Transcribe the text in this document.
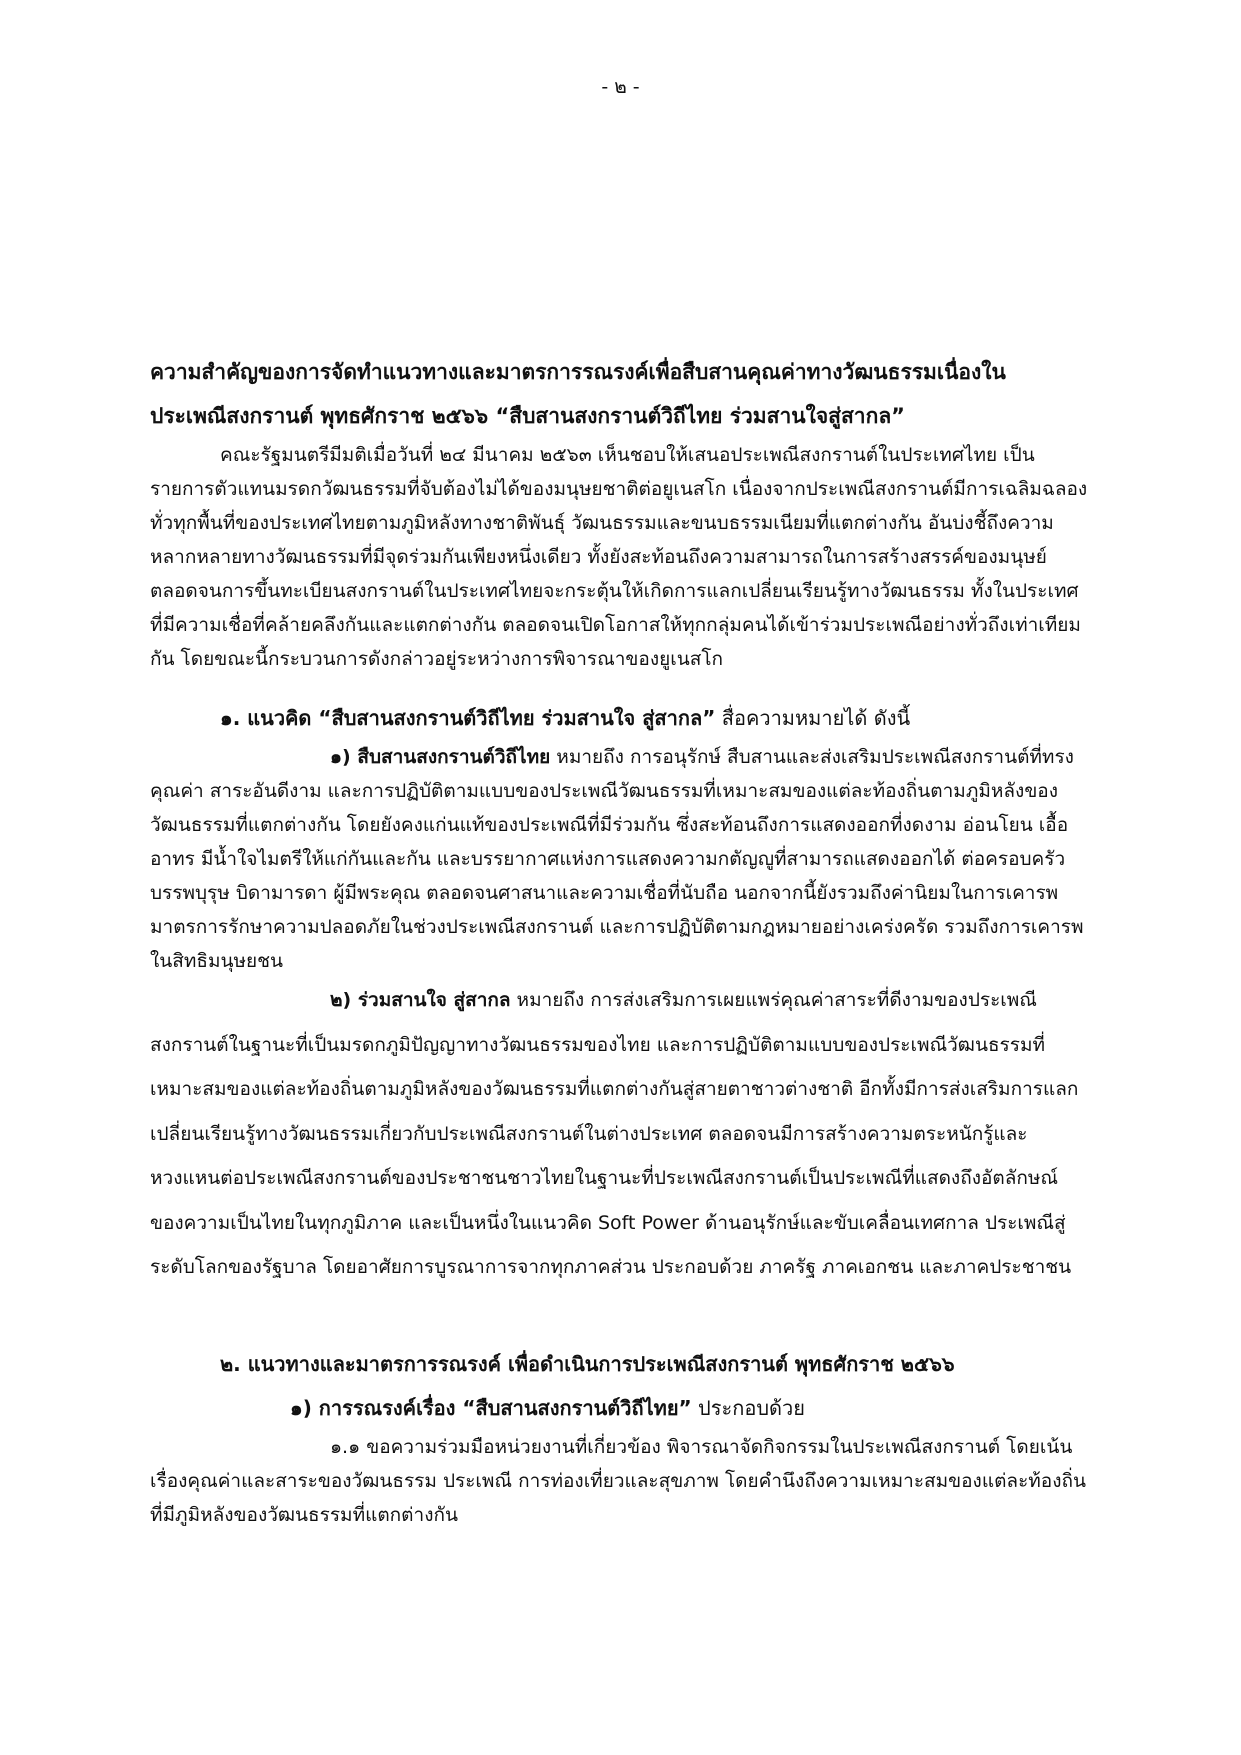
- ๒ -

ความสำคัญของการจัดทำแนวทางและมาตรการรณรงค์เพื่อสืบสานคุณค่าทางวัฒนธรรมเนื่องใน

ประเพณีสงกรานต์ พุทธศักราช ๒๕๖๖ “สืบสานสงกรานต์วิถีไทย ร่วมสานใจสู่สากล”

คณะรัฐมนตรีมีมติเมื่อวันที่ ๒๔ มีนาคม ๒๕๖๓ เห็นชอบให้เสนอประเพณีสงกรานต์ในประเทศไทย เป็นรายการตัวแทนมรดกวัฒนธรรมที่จับต้องไม่ได้ของมนุษยชาติต่อยูเนสโก เนื่องจากประเพณีสงกรานต์มีการเฉลิมฉลองทั่วทุกพื้นที่ของประเทศไทยตามภูมิหลังทางชาติพันธุ์ วัฒนธรรมและขนบธรรมเนียมที่แตกต่างกัน อันบ่งชี้ถึงความหลากหลายทางวัฒนธรรมที่มีจุดร่วมกันเพียงหนึ่งเดียว ทั้งยังสะท้อนถึงความสามารถในการสร้างสรรค์ของมนุษย์ ตลอดจนการขึ้นทะเบียนสงกรานต์ในประเทศไทยจะกระตุ้นให้เกิดการแลกเปลี่ยนเรียนรู้ทางวัฒนธรรม ทั้งในประเทศที่มีความเชื่อที่คล้ายคลึงกันและแตกต่างกัน ตลอดจนเปิดโอกาสให้ทุกกลุ่มคนได้เข้าร่วมประเพณีอย่างทั่วถึงเท่าเทียมกัน โดยขณะนี้กระบวนการดังกล่าวอยู่ระหว่างการพิจารณาของยูเนสโก

๑. แนวคิด “สืบสานสงกรานต์วิถีไทย ร่วมสานใจ สู่สากล” สื่อความหมายได้ ดังนี้

๑) สืบสานสงกรานต์วิถีไทย หมายถึง การอนุรักษ์ สืบสานและส่งเสริมประเพณีสงกรานต์ที่ทรงคุณค่า สาระอันดีงาม และการปฏิบัติตามแบบของประเพณีวัฒนธรรมที่เหมาะสมของแต่ละท้องถิ่นตามภูมิหลังของวัฒนธรรมที่แตกต่างกัน โดยยังคงแก่นแท้ของประเพณีที่มีร่วมกัน ซึ่งสะท้อนถึงการแสดงออกที่งดงาม อ่อนโยน เอื้ออาทร มีน้ำใจไมตรีให้แก่กันและกัน และบรรยากาศแห่งการแสดงความกตัญญูที่สามารถแสดงออกได้ ต่อครอบครัว บรรพบุรุษ บิดามารดา ผู้มีพระคุณ ตลอดจนศาสนาและความเชื่อที่นับถือ นอกจากนี้ยังรวมถึงค่านิยมในการเคารพมาตรการรักษาความปลอดภัยในช่วงประเพณีสงกรานต์ และการปฏิบัติตามกฎหมายอย่างเคร่งครัด รวมถึงการเคารพในสิทธิมนุษยชน

๒) ร่วมสานใจ สู่สากล หมายถึง การส่งเสริมการเผยแพร่คุณค่าสาระที่ดีงามของประเพณีสงกรานต์ในฐานะที่เป็นมรดกภูมิปัญญาทางวัฒนธรรมของไทย และการปฏิบัติตามแบบของประเพณีวัฒนธรรมที่เหมาะสมของแต่ละท้องถิ่นตามภูมิหลังของวัฒนธรรมที่แตกต่างกันสู่สายตาชาวต่างชาติ อีกทั้งมีการส่งเสริมการแลกเปลี่ยนเรียนรู้ทางวัฒนธรรมเกี่ยวกับประเพณีสงกรานต์ในต่างประเทศ ตลอดจนมีการสร้างความตระหนักรู้และหวงแหนต่อประเพณีสงกรานต์ของประชาชนชาวไทยในฐานะที่ประเพณีสงกรานต์เป็นประเพณีที่แสดงถึงอัตลักษณ์ของความเป็นไทยในทุกภูมิภาค และเป็นหนึ่งในแนวคิด Soft Power ด้านอนุรักษ์และขับเคลื่อนเทศกาล ประเพณีสู่ระดับโลกของรัฐบาล โดยอาศัยการบูรณาการจากทุกภาคส่วน ประกอบด้วย ภาครัฐ ภาคเอกชน และภาคประชาชน

๒. แนวทางและมาตรการรณรงค์ เพื่อดำเนินการประเพณีสงกรานต์ พุทธศักราช ๒๕๖๖

๑) การรณรงค์เรื่อง “สืบสานสงกรานต์วิถีไทย” ประกอบด้วย

๑.๑ ขอความร่วมมือหน่วยงานที่เกี่ยวข้อง พิจารณาจัดกิจกรรมในประเพณีสงกรานต์ โดยเน้นเรื่องคุณค่าและสาระของวัฒนธรรม ประเพณี การท่องเที่ยวและสุขภาพ โดยคำนึงถึงความเหมาะสมของแต่ละท้องถิ่นที่มีภูมิหลังของวัฒนธรรมที่แตกต่างกัน
